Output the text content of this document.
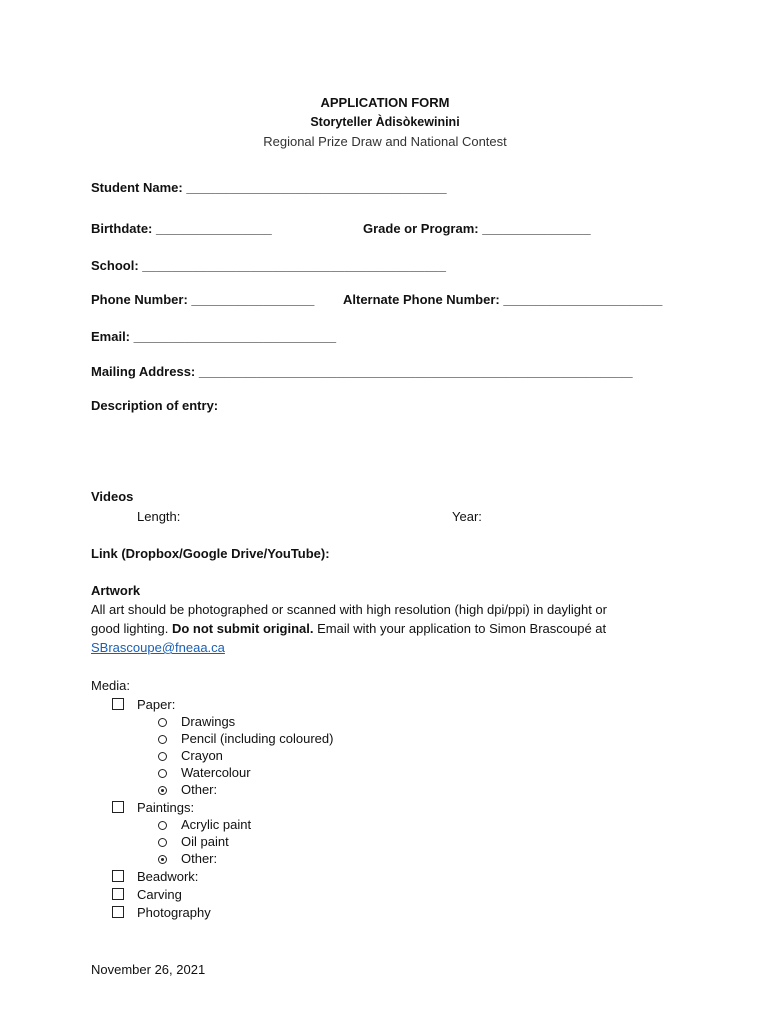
APPLICATION FORM
Storyteller Àdisòkewinini
Regional Prize Draw and National Contest
Student Name: ____________________________________
Birthdate: ________________	Grade or Program: _______________
School: __________________________________________
Phone Number: _________________ Alternate Phone Number: ______________________
Email: ____________________________
Mailing Address: ____________________________________________________________
Description of entry:
Videos
Length:	Year:
Link (Dropbox/Google Drive/YouTube):
Artwork
All art should be photographed or scanned with high resolution (high dpi/ppi) in daylight or
good lighting. Do not submit original. Email with your application to Simon Brascoupé at
SBrascoupe@fneaa.ca
Media:
Paper:
Drawings
Pencil (including coloured)
Crayon
Watercolour
Other:
Paintings:
Acrylic paint
Oil paint
Other:
Beadwork:
Carving
Photography
November 26, 2021
